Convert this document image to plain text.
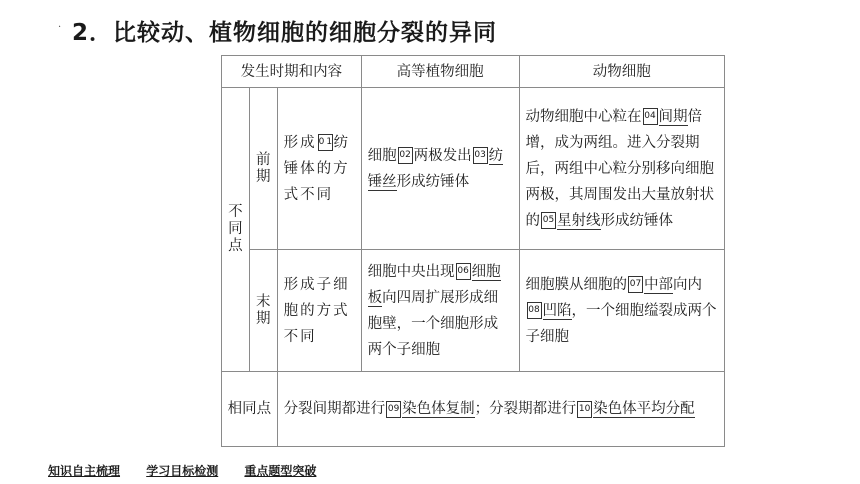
· 2．比较动、植物细胞的细胞分裂的异同
发生时期和内容			高等植物细胞	动物细胞
不同点	前期	形成 01纺锤体的方式不同	细胞 02 两极发出 03 纺锤丝形成纺锤体	动物细胞中心粒在 04 间期倍增，成为两组。进入分裂期后，两组中心粒分别移向细胞两极，其周围发出大量放射状的 05 星射线形成纺锤体
	末期	形成子细胞的方式不同	细胞中央出现 06 细胞板向四周扩展形成细胞壁，一个细胞形成两个子细胞	细胞膜从细胞的 07 中部向内08 凹陷，一个细胞缢裂成两个子细胞
相同点		分裂间期都进行 09 染色体复制；分裂期都进行 10 染色体平均分配		
知识自主梳理 学习目标检测 重点题型突破
